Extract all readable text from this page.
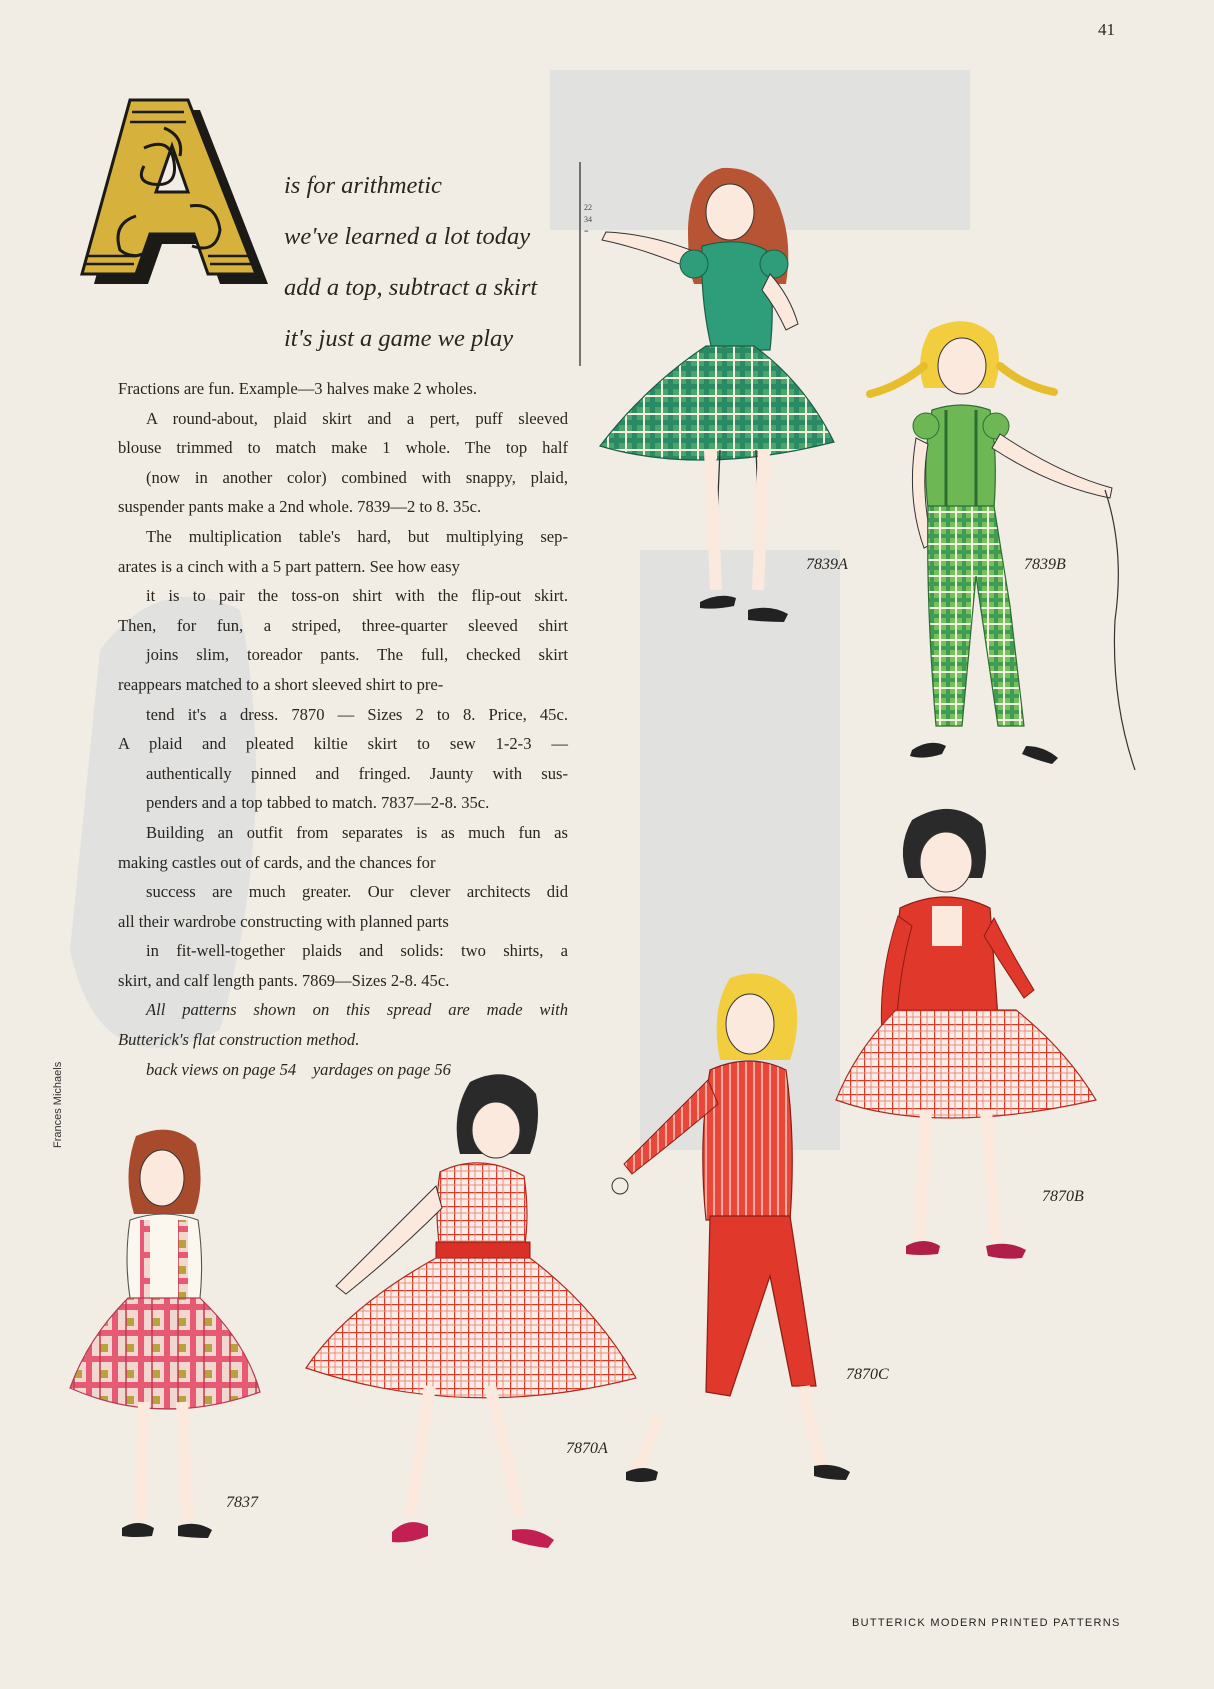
41
is for arithmetic
we've learned a lot today
add a top, subtract a skirt
it's just a game we play
Fractions are fun. Example—3 halves make 2 wholes.
A round-about, plaid skirt and a pert, puff sleeved
blouse trimmed to match make 1 whole. The top half
(now in another color) combined with snappy, plaid,
suspender pants make a 2nd whole. 7839—2 to 8. 35c.
The multiplication table's hard, but multiplying sep-
arates is a cinch with a 5 part pattern. See how easy
it is to pair the toss-on shirt with the flip-out skirt.
Then, for fun, a striped, three-quarter sleeved shirt
joins slim, toreador pants. The full, checked skirt
reappears matched to a short sleeved shirt to pre-
tend it's a dress. 7870 — Sizes 2 to 8. Price, 45c.
A plaid and pleated kiltie skirt to sew 1-2-3 —
authentically pinned and fringed. Jaunty with sus-
penders and a top tabbed to match. 7837—2-8. 35c.
Building an outfit from separates is as much fun as
making castles out of cards, and the chances for
success are much greater. Our clever architects did
all their wardrobe constructing with planned parts
in fit-well-together plaids and solids: two shirts, a
skirt, and calf length pants. 7869—Sizes 2-8. 45c.
All patterns shown on this spread are made with
Butterick's flat construction method.
back views on page 54    yardages on page 56
Frances Michaels
22
34
=
7839A	7839B
7870B
7870C
7870A
7837
BUTTERICK MODERN PRINTED PATTERNS
